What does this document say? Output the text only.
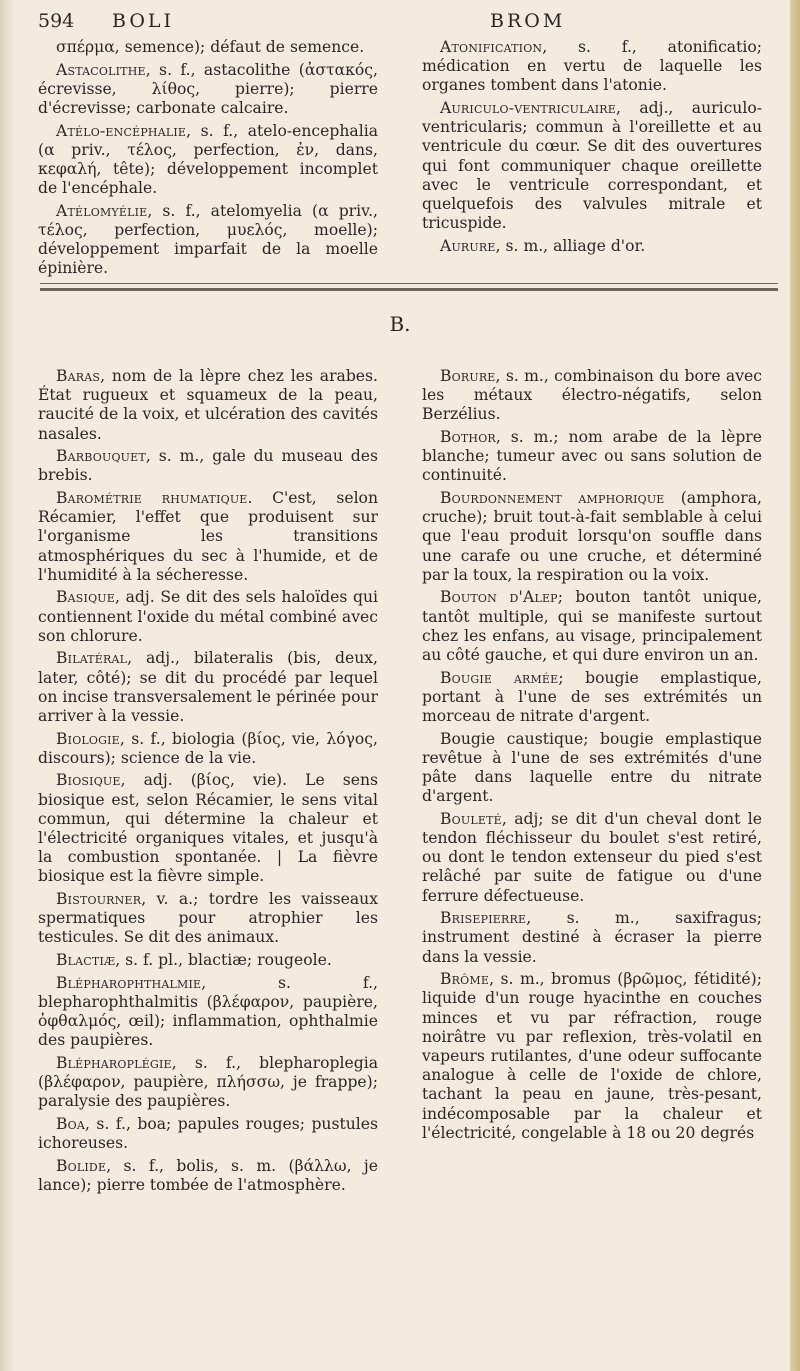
594 BOLI	BROM

σπέρμα, semence); défaut de semence.

Astacolithe, s. f., astacolithe (ἀστακός, écrevisse, λίθος, pierre); pierre d'écrevisse; carbonate calcaire.

Atélo-encéphalie, s. f., atelo-encephalia (α priv., τέλος, perfection, ἐν, dans, κεφαλή, tête); développement incomplet de l'encéphale.

Atélomyélie, s. f., atelomyelia (α priv., τέλος, perfection, μυελός, moelle); développement imparfait de la moelle épinière.

Atonification, s. f., atonificatio; médication en vertu de laquelle les organes tombent dans l'atonie.

Auriculo-ventriculaire, adj., auriculo-ventricularis; commun à l'oreillette et au ventricule du cœur. Se dit des ouvertures qui font communiquer chaque oreillette avec le ventricule correspondant, et quelquefois des valvules mitrale et tricuspide.

Aurure, s. m., alliage d'or.

B.

Baras, nom de la lèpre chez les arabes. État rugueux et squameux de la peau, raucité de la voix, et ulcération des cavités nasales.

Barbouquet, s. m., gale du museau des brebis.

Barométrie rhumatique. C'est, selon Récamier, l'effet que produisent sur l'organisme les transitions atmosphériques du sec à l'humide, et de l'humidité à la sécheresse.

Basique, adj. Se dit des sels haloïdes qui contiennent l'oxide du métal combiné avec son chlorure.

Bilatéral, adj., bilateralis (bis, deux, later, côté); se dit du procédé par lequel on incise transversalement le périnée pour arriver à la vessie.

Biologie, s. f., biologia (βίος, vie, λόγος, discours); science de la vie.

Biosique, adj. (βίος, vie). Le sens biosique est, selon Récamier, le sens vital commun, qui détermine la chaleur et l'électricité organiques vitales, et jusqu'à la combustion spontanée. | La fièvre biosique est la fièvre simple.

Bistourner, v. a.; tordre les vaisseaux spermatiques pour atrophier les testicules. Se dit des animaux.

Blactiæ, s. f. pl., blactiæ; rougeole.

Blépharophthalmie, s. f., blepharophthalmitis (βλέφαρον, paupière, ὀφθαλμός, œil); inflammation, ophthalmie des paupières.

Blépharoplégie, s. f., blepharoplegia (βλέφαρον, paupière, πλήσσω, je frappe); paralysie des paupières.

Boa, s. f., boa; papules rouges; pustules ichoreuses.

Bolide, s. f., bolis, s. m. (βάλλω, je lance); pierre tombée de l'atmosphère.

Borure, s. m., combinaison du bore avec les métaux électro-négatifs, selon Berzélius.

Bothor, s. m.; nom arabe de la lèpre blanche; tumeur avec ou sans solution de continuité.

Bourdonnement amphorique (amphora, cruche); bruit tout-à-fait semblable à celui que l'eau produit lorsqu'on souffle dans une carafe ou une cruche, et déterminé par la toux, la respiration ou la voix.

Bouton d'Alep; bouton tantôt unique, tantôt multiple, qui se manifeste surtout chez les enfans, au visage, principalement au côté gauche, et qui dure environ un an.

Bougie armée; bougie emplastique, portant à l'une de ses extrémités un morceau de nitrate d'argent.

Bougie caustique; bougie emplastique revêtue à l'une de ses extrémités d'une pâte dans laquelle entre du nitrate d'argent.

Bouleté, adj; se dit d'un cheval dont le tendon fléchisseur du boulet s'est retiré, ou dont le tendon extenseur du pied s'est relâché par suite de fatigue ou d'une ferrure défectueuse.

Brisepierre, s. m., saxifragus; instrument destiné à écraser la pierre dans la vessie.

Brôme, s. m., bromus (βρῶμος, fétidité); liquide d'un rouge hyacinthe en couches minces et vu par réfraction, rouge noirâtre vu par reflexion, très-volatil en vapeurs rutilantes, d'une odeur suffocante analogue à celle de l'oxide de chlore, tachant la peau en jaune, très-pesant, indécomposable par la chaleur et l'électricité, congelable à 18 ou 20 degrés
